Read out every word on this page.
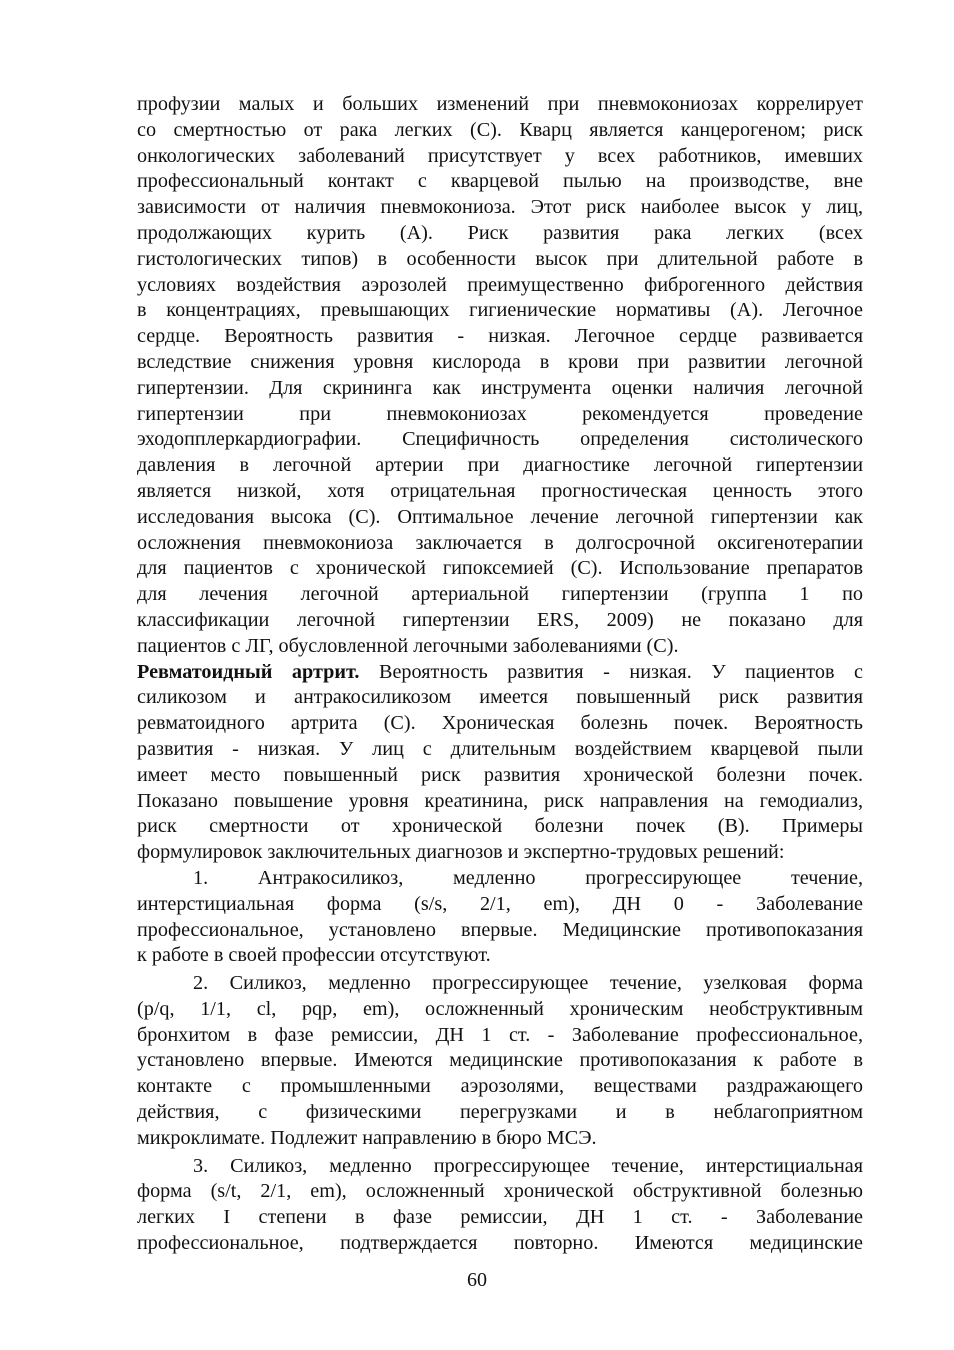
профузии малых и больших изменений при пневмокониозах коррелирует
со смертностью от рака легких (С). Кварц является канцерогеном; риск
онкологических заболеваний присутствует у всех работников, имевших
профессиональный контакт с кварцевой пылью на производстве, вне
зависимости от наличия пневмокониоза. Этот риск наиболее высок у лиц,
продолжающих курить (А). Риск развития рака легких (всех
гистологических типов) в особенности высок при длительной работе в
условиях воздействия аэрозолей преимущественно фиброгенного действия
в концентрациях, превышающих гигиенические нормативы (А). Легочное
сердце. Вероятность развития - низкая. Легочное сердце развивается
вследствие снижения уровня кислорода в крови при развитии легочной
гипертензии. Для скрининга как инструмента оценки наличия легочной
гипертензии при пневмокониозах рекомендуется проведение
эходопплеркардиографии. Специфичность определения систолического
давления в легочной артерии при диагностике легочной гипертензии
является низкой, хотя отрицательная прогностическая ценность этого
исследования высока (С). Оптимальное лечение легочной гипертензии как
осложнения пневмокониоза заключается в долгосрочной оксигенотерапии
для пациентов с хронической гипоксемией (С). Использование препаратов
для лечения легочной артериальной гипертензии (группа 1 по
классификации легочной гипертензии ERS, 2009) не показано для
пациентов с ЛГ, обусловленной легочными заболеваниями (С).
Ревматоидный артрит. Вероятность развития - низкая. У пациентов с
силикозом и антракосиликозом имеется повышенный риск развития
ревматоидного артрита (С). Хроническая болезнь почек. Вероятность
развития - низкая. У лиц с длительным воздействием кварцевой пыли
имеет место повышенный риск развития хронической болезни почек.
Показано повышение уровня креатинина, риск направления на гемодиализ,
риск смертности от хронической болезни почек (В). Примеры
формулировок заключительных диагнозов и экспертно-трудовых решений:
1. Антракосиликоз, медленно прогрессирующее течение,
интерстициальная форма (s/s, 2/1, em), ДН 0 - Заболевание
профессиональное, установлено впервые. Медицинские противопоказания
к работе в своей профессии отсутствуют.
2. Силикоз, медленно прогрессирующее течение, узелковая форма
(p/q, 1/1, cl, pqp, em), осложненный хроническим необструктивным
бронхитом в фазе ремиссии, ДН 1 ст. - Заболевание профессиональное,
установлено впервые. Имеются медицинские противопоказания к работе в
контакте с промышленными аэрозолями, веществами раздражающего
действия, с физическими перегрузками и в неблагоприятном
микроклимате. Подлежит направлению в бюро МСЭ.
3. Силикоз, медленно прогрессирующее течение, интерстициальная
форма (s/t, 2/1, em), осложненный хронической обструктивной болезнью
легких I степени в фазе ремиссии, ДН 1 ст. - Заболевание
профессиональное, подтверждается повторно. Имеются медицинские
60
